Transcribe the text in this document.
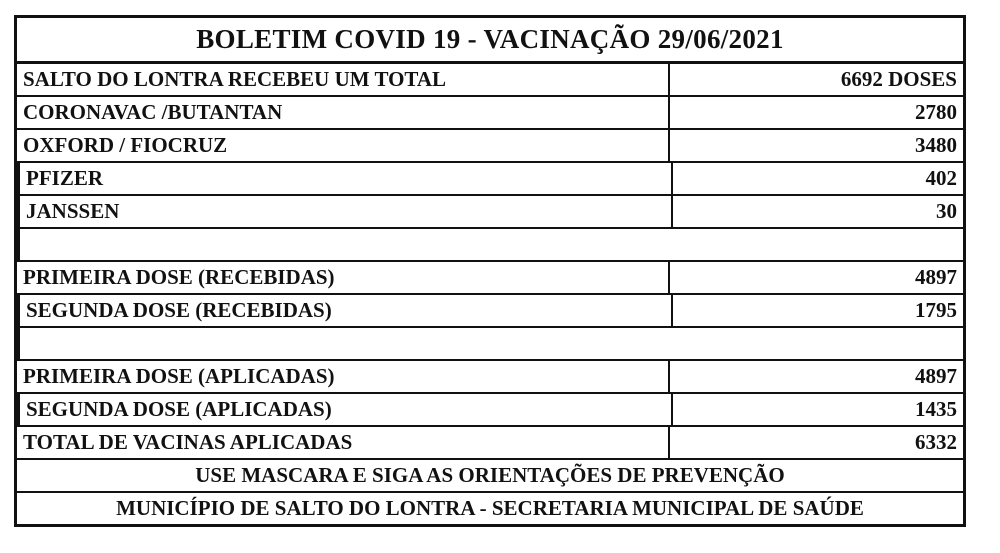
BOLETIM COVID 19 - VACINAÇÃO 29/06/2021
SALTO DO LONTRA RECEBEU UM TOTAL	6692 DOSES
CORONAVAC /BUTANTAN	2780
OXFORD / FIOCRUZ	3480
PFIZER	402
JANSSEN	30
PRIMEIRA DOSE (RECEBIDAS)	4897
SEGUNDA DOSE (RECEBIDAS)	1795
PRIMEIRA DOSE (APLICADAS)	4897
SEGUNDA DOSE (APLICADAS)	1435
TOTAL DE VACINAS APLICADAS	6332
USE MASCARA E SIGA AS ORIENTAÇÕES DE PREVENÇÃO
MUNICÍPIO DE SALTO DO LONTRA - SECRETARIA MUNICIPAL DE SAÚDE
